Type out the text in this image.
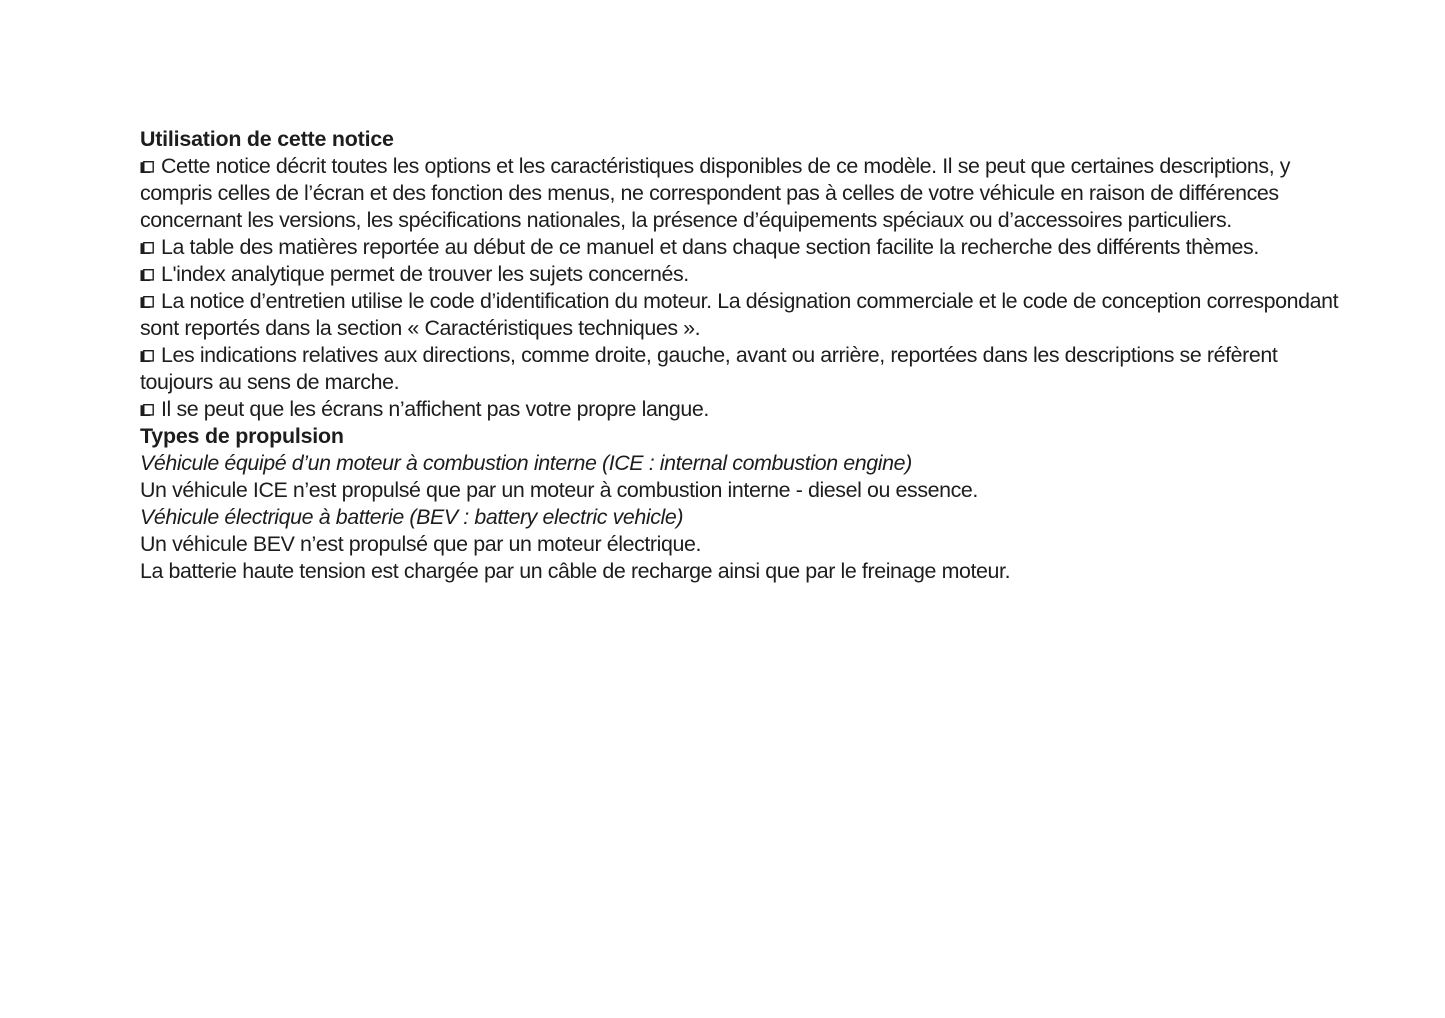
Utilisation de cette notice

Cette notice décrit toutes les options et les caractéristiques disponibles de ce modèle. Il se peut que certaines descriptions, y compris celles de l’écran et des fonction des menus, ne correspondent pas à celles de votre véhicule en raison de différences concernant les versions, les spécifications nationales, la présence d’équipements spéciaux ou d’accessoires particuliers.

La table des matières reportée au début de ce manuel et dans chaque section facilite la recherche des différents thèmes.

L'index analytique permet de trouver les sujets concernés.

La notice d’entretien utilise le code d’identification du moteur. La désignation commerciale et le code de conception correspondant sont reportés dans la section « Caractéristiques techniques ».

Les indications relatives aux directions, comme droite, gauche, avant ou arrière, reportées dans les descriptions se réfèrent toujours au sens de marche.

Il se peut que les écrans n’affichent pas votre propre langue.

Types de propulsion

Véhicule équipé d’un moteur à combustion interne (ICE : internal combustion engine)

Un véhicule ICE n’est propulsé que par un moteur à combustion interne - diesel ou essence.

Véhicule électrique à batterie (BEV : battery electric vehicle)

Un véhicule BEV n’est propulsé que par un moteur électrique.

La batterie haute tension est chargée par un câble de recharge ainsi que par le freinage moteur.
